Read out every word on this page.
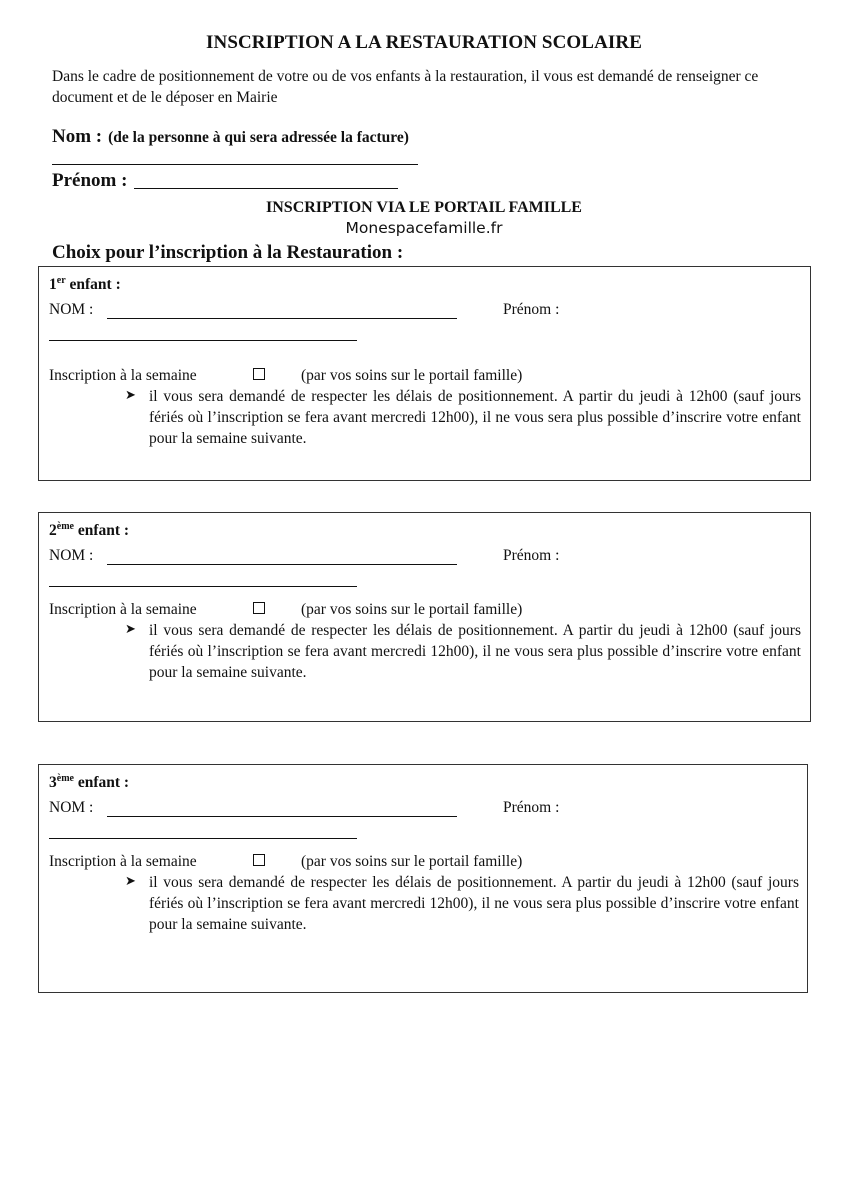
INSCRIPTION A LA RESTAURATION SCOLAIRE
Dans le cadre de positionnement de votre ou de vos enfants à la restauration, il vous est demandé de renseigner ce document et de le déposer en Mairie
Nom : (de la personne à qui sera adressée la facture)
Prénom :
INSCRIPTION VIA LE PORTAIL FAMILLE
Monespacefamille.fr
Choix pour l’inscription à la Restauration :
1er enfant :
NOM :	Prénom :
Inscription à la semaine	(par vos soins sur le portail famille)
➤ il vous sera demandé de respecter les délais de positionnement. A partir du jeudi à 12h00 (sauf jours fériés où l’inscription se fera avant mercredi 12h00), il ne vous sera plus possible d’inscrire votre enfant pour la semaine suivante.
2ème enfant :
NOM :	Prénom :
Inscription à la semaine	(par vos soins sur le portail famille)
➤ il vous sera demandé de respecter les délais de positionnement. A partir du jeudi à 12h00 (sauf jours fériés où l’inscription se fera avant mercredi 12h00), il ne vous sera plus possible d’inscrire votre enfant pour la semaine suivante.
3ème enfant :
NOM :	Prénom :
Inscription à la semaine	(par vos soins sur le portail famille)
➤ il vous sera demandé de respecter les délais de positionnement. A partir du jeudi à 12h00 (sauf jours fériés où l’inscription se fera avant mercredi 12h00), il ne vous sera plus possible d’inscrire votre enfant pour la semaine suivante.
